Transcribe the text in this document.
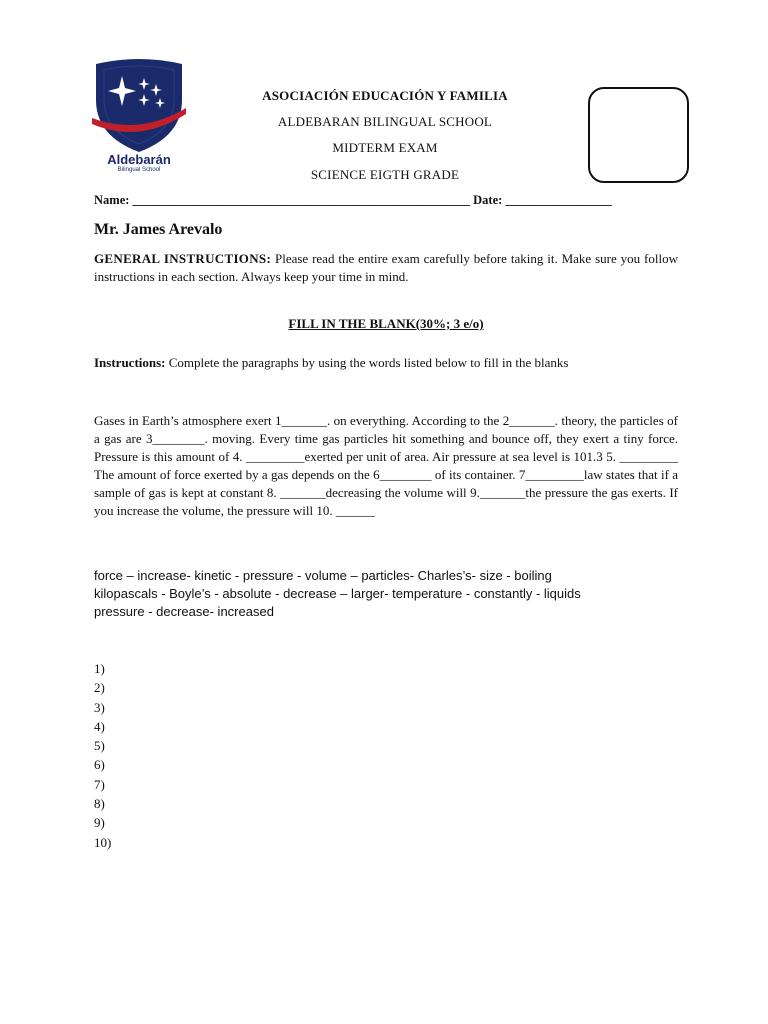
Aldebarán
Bilingual School
ASOCIACIÓN EDUCACIÓN Y FAMILIA
ALDEBARAN BILINGUAL SCHOOL
MIDTERM EXAM
SCIENCE EIGTH GRADE
Name: ______________________________________________________ Date: _________________
Mr. James Arevalo
GENERAL INSTRUCTIONS: Please read the entire exam carefully before taking it. Make sure you follow instructions in each section. Always keep your time in mind.
FILL IN THE BLANK(30%; 3 e/o)
Instructions: Complete the paragraphs by using the words listed below to fill in the blanks
Gases in Earth’s atmosphere exert 1_______. on everything. According to the 2_______. theory, the particles of a gas are 3________. moving. Every time gas particles hit something and bounce off, they exert a tiny force. Pressure is this amount of 4. _________exerted per unit of area. Air pressure at sea level is 101.3 5. _________ The amount of force exerted by a gas depends on the 6________ of its container. 7_________law states that if a sample of gas is kept at constant 8. _______decreasing the volume will 9._______the pressure the gas exerts. If you increase the volume, the pressure will 10. ______
force – increase- kinetic - pressure - volume – particles- Charles’s- size - boiling
kilopascals - Boyle’s - absolute - decrease – larger- temperature - constantly - liquids
pressure - decrease- increased
1)
2)
3)
4)
5)
6)
7)
8)
9)
10)
